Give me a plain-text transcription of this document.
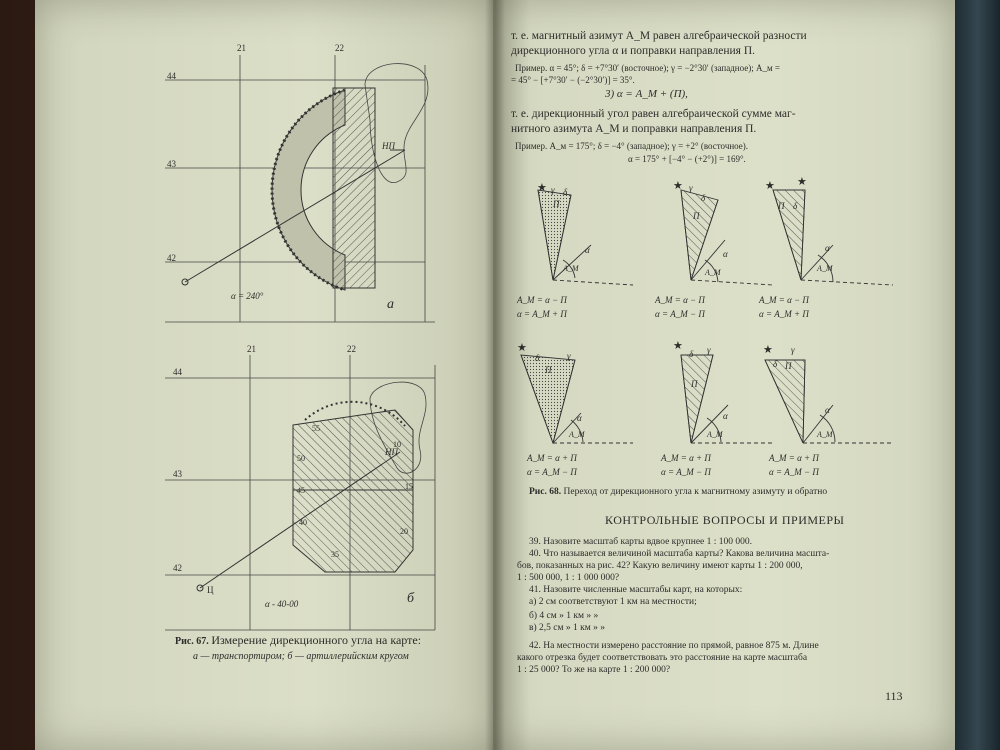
21	22
44
43
42
НП
α = 240°
а
21	22
44
43
42
55
50
45
40
35
10
15
20
НП
Ц
α - 40-00	б
Рис. 67. Измерение дирекционного угла на карте:
а — транспортиром; б — артиллерийским кругом
т. е. магнитный азимут A_M равен алгебраической разности
дирекционного угла α и поправки направления П.
Пример. α = 45°; δ = +7°30′ (восточное); γ = −2°30′ (западное); A_м =
= 45° − [+7°30′ − (−2°30′)] = 35°.
3) α = A_M + (П),
т. е. дирекционный угол равен алгебраической сумме маг-
нитного азимута A_M и поправки направления П.
Пример. A_м = 175°; δ = −4° (западное); γ = +2° (восточное).
α = 175° + [−4° − (+2°)] = 169°.
★ γ δ
П
α
A_M
★ γ
δ
П
α
A_M
★ ★
П δ
α
A_M
★
δ	γ
П
α
A_M
★
δ γ
П
α
A_M
★ γ
П
δ
α
A_M
A_M = α − П
α = A_M + П
A_M = α − П
α = A_M − П
A_M = α − П
α = A_M + П
A_M = α + П
α = A_M − П
A_M = α + П
α = A_M − П
A_M = α + П
α = A_M − П
Рис. 68. Переход от дирекционного угла к магнитному азимуту и обратно
КОНТРОЛЬНЫЕ ВОПРОСЫ И ПРИМЕРЫ
39. Назовите масштаб карты вдвое крупнее 1 : 100 000.
40. Что называется величиной масштаба карты? Какова величина масшта-
бов, показанных на рис. 42? Какую величину имеют карты 1 : 200 000,
1 : 500 000, 1 : 1 000 000?
41. Назовите численные масштабы карт, на которых:
а) 2 см соответствуют 1 км на местности;
б) 4 см » 1 км » »
в) 2,5 см » 1 км » »
42. На местности измерено расстояние по прямой, равное 875 м. Длине
какого отрезка будет соответствовать это расстояние на карте масштаба
1 : 25 000? То же на карте 1 : 200 000?
113
